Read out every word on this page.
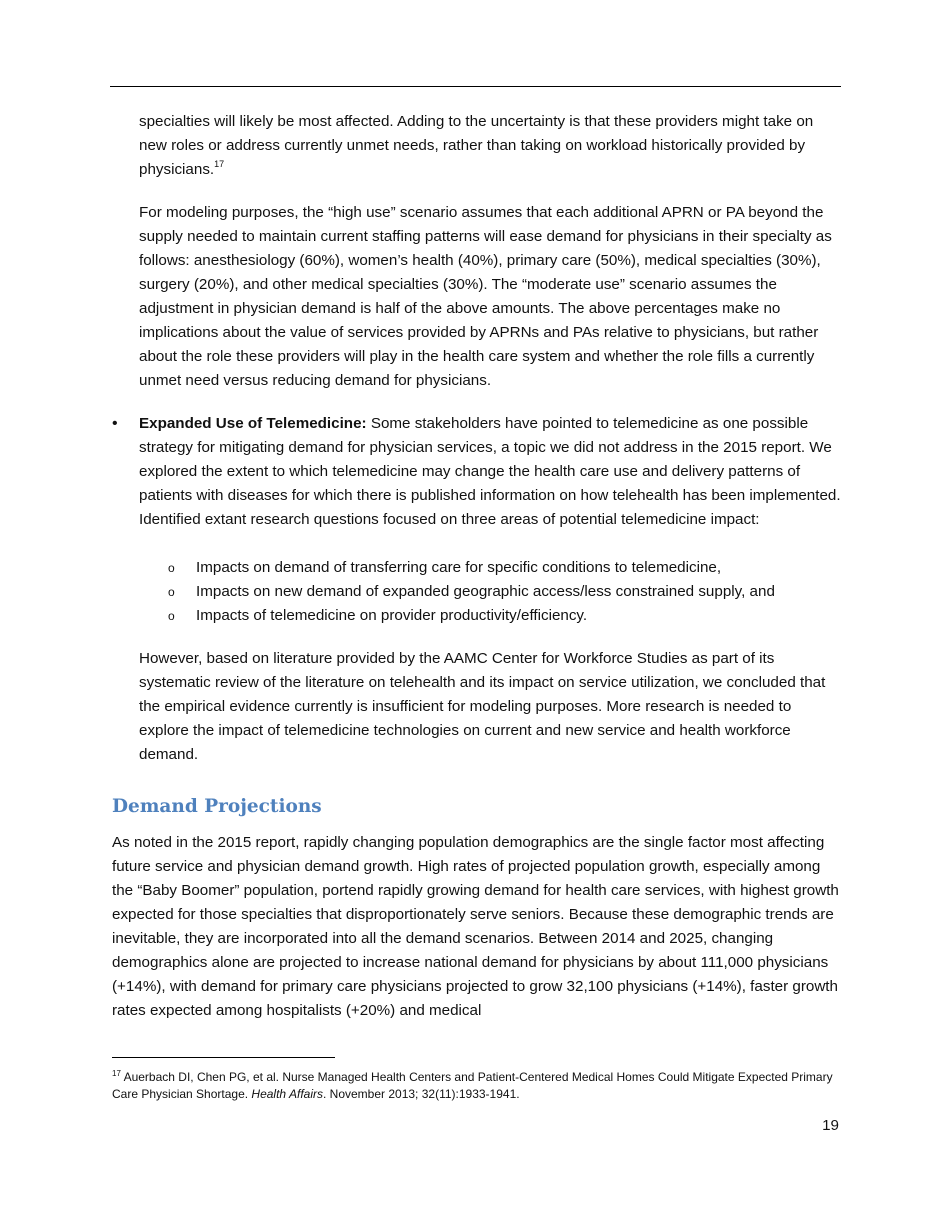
specialties will likely be most affected. Adding to the uncertainty is that these providers might take on new roles or address currently unmet needs, rather than taking on workload historically provided by physicians.$^{17}$

For modeling purposes, the “high use” scenario assumes that each additional APRN or PA beyond the supply needed to maintain current staffing patterns will ease demand for physicians in their specialty as follows: anesthesiology (60%), women’s health (40%), primary care (50%), medical specialties (30%), surgery (20%), and other medical specialties (30%). The “moderate use” scenario assumes the adjustment in physician demand is half of the above amounts. The above percentages make no implications about the value of services provided by APRNs and PAs relative to physicians, but rather about the role these providers will play in the health care system and whether the role fills a currently unmet need versus reducing demand for physicians.

• Expanded Use of Telemedicine: Some stakeholders have pointed to telemedicine as one possible strategy for mitigating demand for physician services, a topic we did not address in the 2015 report. We explored the extent to which telemedicine may change the health care use and delivery patterns of patients with diseases for which there is published information on how telehealth has been implemented. Identified extant research questions focused on three areas of potential telemedicine impact:

o Impacts on demand of transferring care for specific conditions to telemedicine,
o Impacts on new demand of expanded geographic access/less constrained supply, and
o Impacts of telemedicine on provider productivity/efficiency.

However, based on literature provided by the AAMC Center for Workforce Studies as part of its systematic review of the literature on telehealth and its impact on service utilization, we concluded that the empirical evidence currently is insufficient for modeling purposes. More research is needed to explore the impact of telemedicine technologies on current and new service and health workforce demand.

Demand Projections

As noted in the 2015 report, rapidly changing population demographics are the single factor most affecting future service and physician demand growth. High rates of projected population growth, especially among the “Baby Boomer” population, portend rapidly growing demand for health care services, with highest growth expected for those specialties that disproportionately serve seniors. Because these demographic trends are inevitable, they are incorporated into all the demand scenarios. Between 2014 and 2025, changing demographics alone are projected to increase national demand for physicians by about 111,000 physicians (+14%), with demand for primary care physicians projected to grow 32,100 physicians (+14%), faster growth rates expected among hospitalists (+20%) and medical

$^{17}$ Auerbach DI, Chen PG, et al. Nurse Managed Health Centers and Patient-Centered Medical Homes Could Mitigate Expected Primary Care Physician Shortage. Health Affairs. November 2013; 32(11):1933-1941.

19
